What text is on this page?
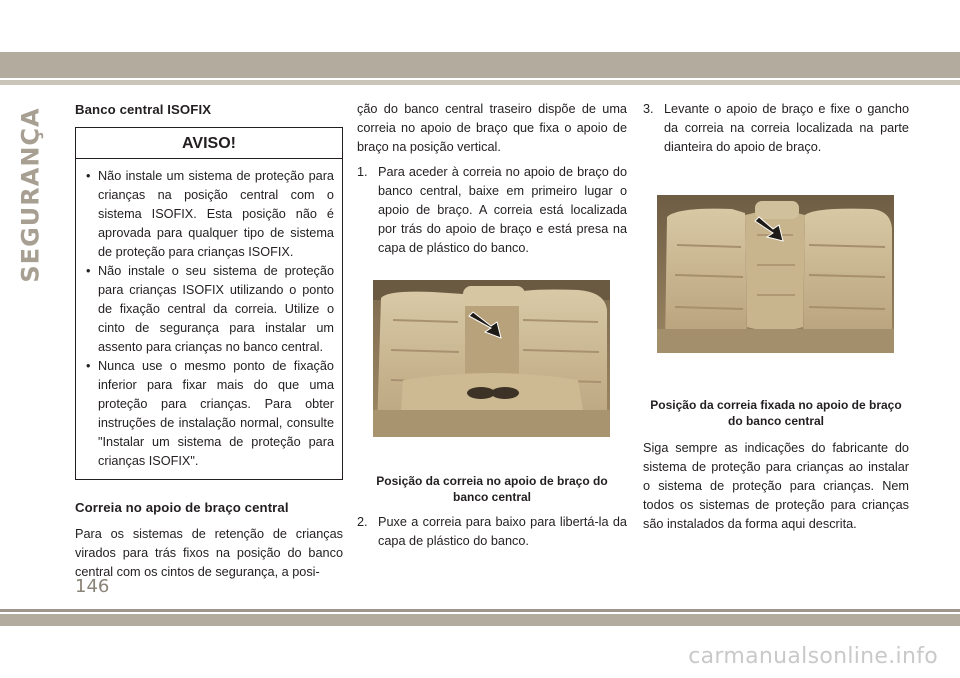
SEGURANÇA Banco central ISOFIX
AVISO!
• Não instale um sistema de proteção para crianças na posição central com o sistema ISOFIX. Esta posição não é aprovada para qualquer tipo de sistema de proteção para crianças ISOFIX.
• Não instale o seu sistema de proteção para crianças ISOFIX utilizando o ponto de fixação central da correia. Utilize o cinto de segurança para instalar um assento para crianças no banco central.
• Nunca use o mesmo ponto de fixação inferior para fixar mais do que uma proteção para crianças. Para obter instruções de instalação normal, consulte "Instalar um sistema de proteção para crianças ISOFIX".
Correia no apoio de braço central

Para os sistemas de retenção de crianças virados para trás fixos na posição do banco central com os cintos de segurança, a posi-

ção do banco central traseiro dispõe de uma correia no apoio de braço que fixa o apoio de braço na posição vertical.

1. Para aceder à correia no apoio de braço do banco central, baixe em primeiro lugar o apoio de braço. A correia está localizada por trás do apoio de braço e está presa na capa de plástico do banco.
Posição da correia no apoio de braço do banco central
2. Puxe a correia para baixo para libertá-la da capa de plástico do banco.
3. Levante o apoio de braço e fixe o gancho da correia na correia localizada na parte dianteira do apoio de braço.
Posição da correia fixada no apoio de braço do banco central

Siga sempre as indicações do fabricante do sistema de proteção para crianças ao instalar o sistema de proteção para crianças. Nem todos os sistemas de proteção para crianças são instalados da forma aqui descrita.

146
carmanualsonline.info
